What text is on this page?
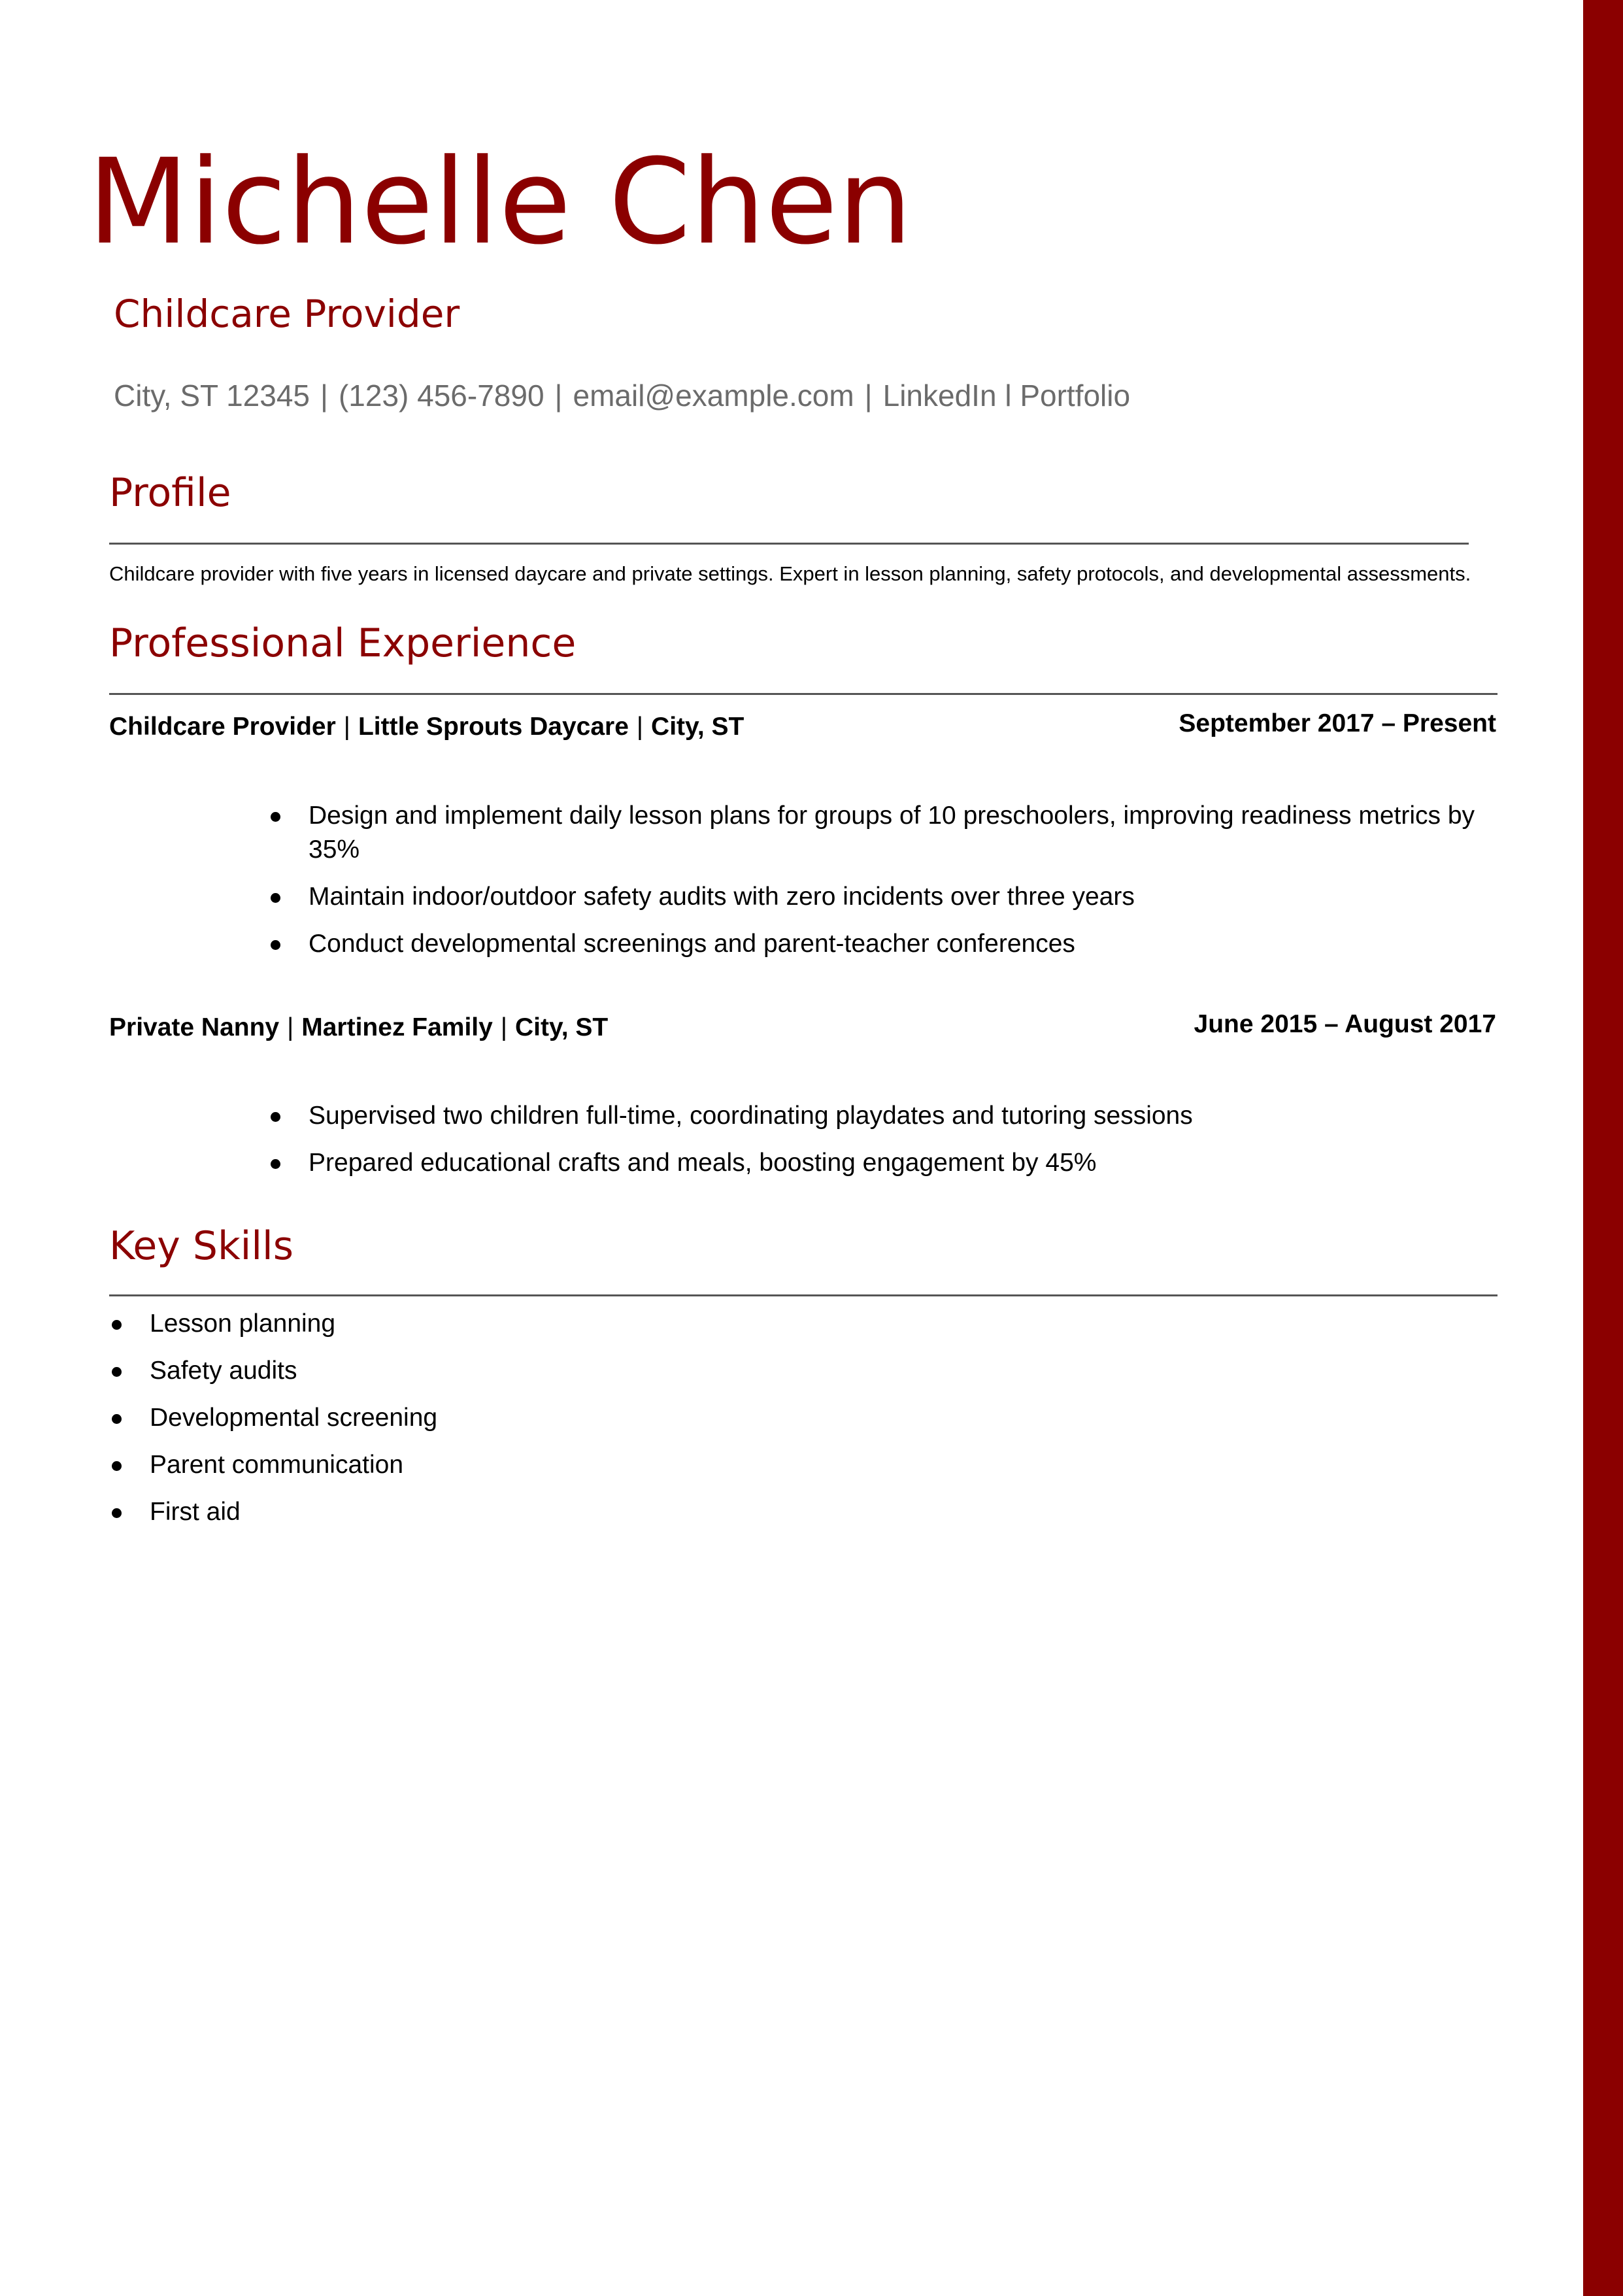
Michelle Chen
Childcare Provider
City, ST 12345 | (123) 456-7890 | email@example.com | LinkedIn l Portfolio
Profile
Childcare provider with five years in licensed daycare and private settings. Expert in lesson planning, safety protocols, and developmental assessments.
Professional Experience
Childcare Provider | Little Sprouts Daycare | City, ST	September 2017 – Present
Design and implement daily lesson plans for groups of 10 preschoolers, improving readiness metrics by 35%
Maintain indoor/outdoor safety audits with zero incidents over three years
Conduct developmental screenings and parent-teacher conferences
Private Nanny | Martinez Family | City, ST	June 2015 – August 2017
Supervised two children full-time, coordinating playdates and tutoring sessions
Prepared educational crafts and meals, boosting engagement by 45%
Key Skills
Lesson planning
Safety audits
Developmental screening
Parent communication
First aid
